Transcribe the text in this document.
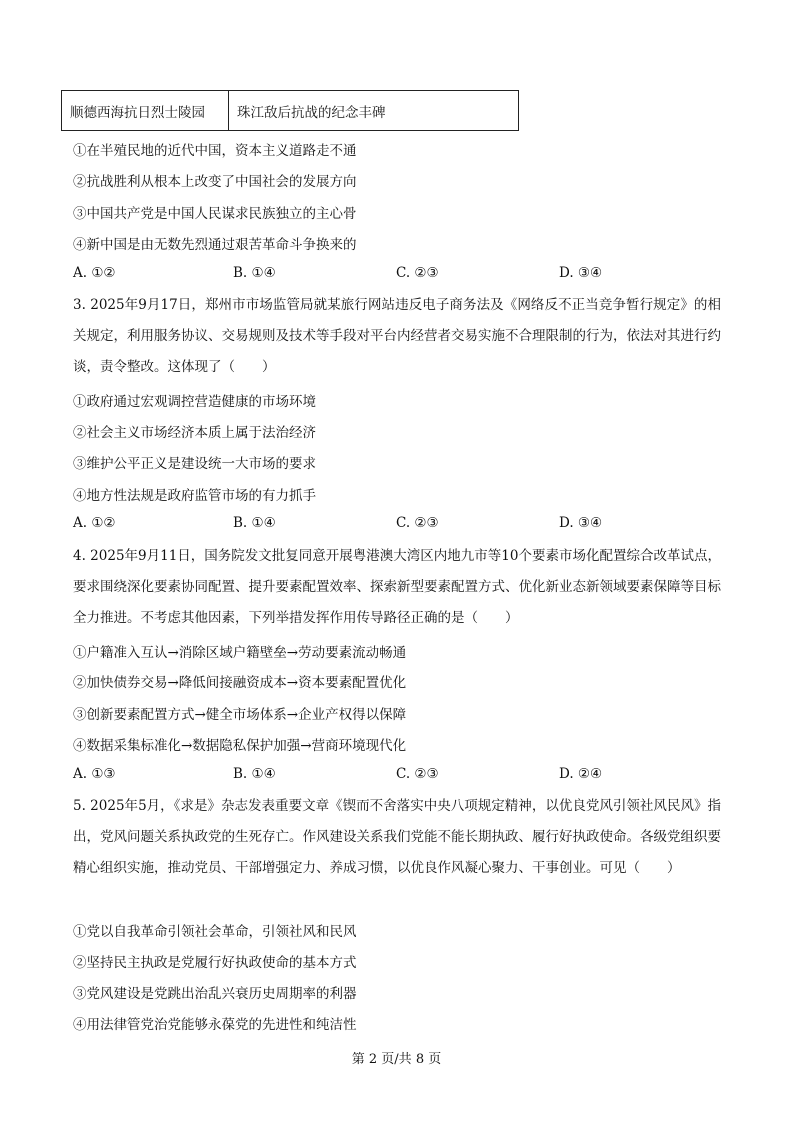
顺德西海抗日烈士陵园	珠江敌后抗战的纪念丰碑
①在半殖民地的近代中国，资本主义道路走不通
②抗战胜利从根本上改变了中国社会的发展方向
③中国共产党是中国人民谋求民族独立的主心骨
④新中国是由无数先烈通过艰苦革命斗争换来的
A. ①②	B. ①④	C. ②③	D. ③④
3. 2025年9月17日，郑州市市场监管局就某旅行网站违反电子商务法及《网络反不正当竞争暂行规定》的相关规定，利用服务协议、交易规则及技术等手段对平台内经营者交易实施不合理限制的行为，依法对其进行约谈，责令整改。这体现了（　　）
①政府通过宏观调控营造健康的市场环境
②社会主义市场经济本质上属于法治经济
③维护公平正义是建设统一大市场的要求
④地方性法规是政府监管市场的有力抓手
A. ①②	B. ①④	C. ②③	D. ③④
4. 2025年9月11日，国务院发文批复同意开展粤港澳大湾区内地九市等10个要素市场化配置综合改革试点，要求围绕深化要素协同配置、提升要素配置效率、探索新型要素配置方式、优化新业态新领域要素保障等目标全力推进。不考虑其他因素，下列举措发挥作用传导路径正确的是（　　）
①户籍准入互认→消除区域户籍壁垒→劳动要素流动畅通
②加快债券交易→降低间接融资成本→资本要素配置优化
③创新要素配置方式→健全市场体系→企业产权得以保障
④数据采集标准化→数据隐私保护加强→营商环境现代化
A. ①③	B. ①④	C. ②③	D. ②④
5. 2025年5月，《求是》杂志发表重要文章《锲而不舍落实中央八项规定精神，以优良党风引领社风民风》指出，党风问题关系执政党的生死存亡。作风建设关系我们党能不能长期执政、履行好执政使命。各级党组织要精心组织实施，推动党员、干部增强定力、养成习惯，以优良作风凝心聚力、干事创业。可见（　　）
①党以自我革命引领社会革命，引领社风和民风
②坚持民主执政是党履行好执政使命的基本方式
③党风建设是党跳出治乱兴衰历史周期率的利器
④用法律管党治党能够永葆党的先进性和纯洁性
第 2 页/共 8 页
